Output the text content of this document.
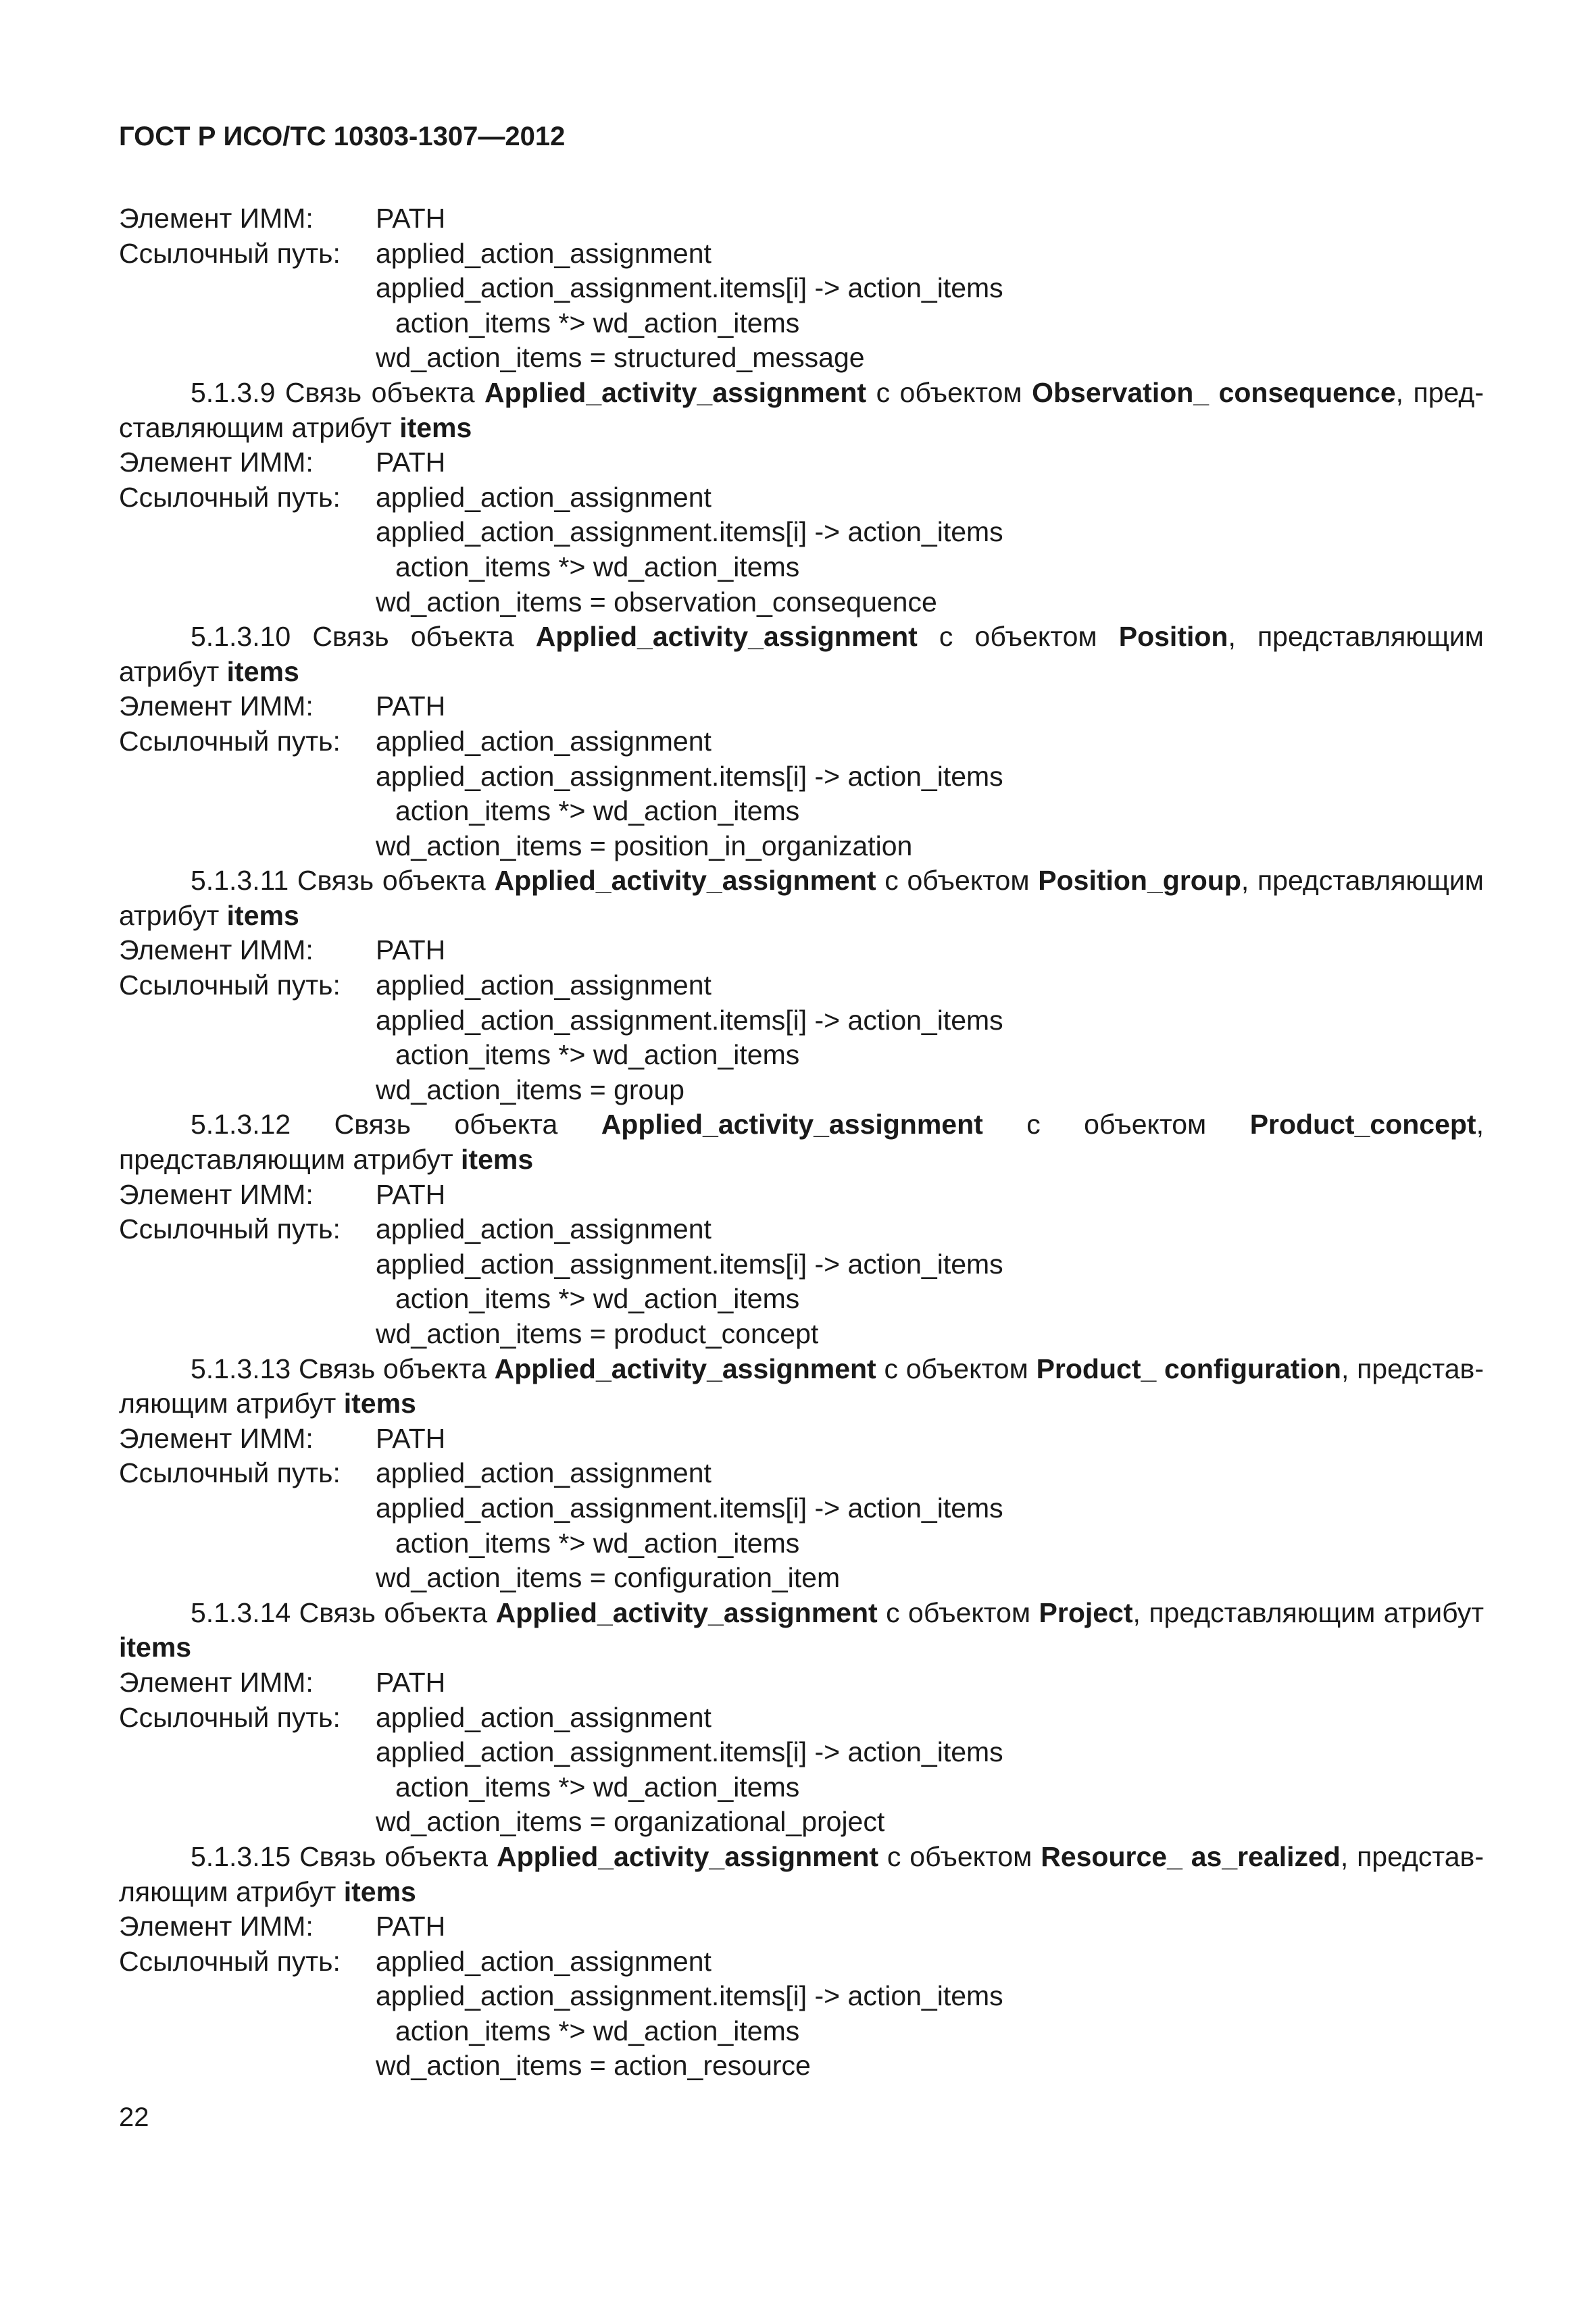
ГОСТ Р ИСО/ТС 10303-1307—2012
Элемент ИММ:	PATH
Ссылочный путь:	applied_action_assignment
applied_action_assignment.items[i] -> action_items
action_items *> wd_action_items
wd_action_items = structured_message
5.1.3.9 Связь объекта Applied_activity_assignment с объектом Observation_ consequence, пред-ставляющим атрибут items
Элемент ИММ:	PATH
Ссылочный путь:	applied_action_assignment
applied_action_assignment.items[i] -> action_items
action_items *> wd_action_items
wd_action_items = observation_consequence
5.1.3.10 Связь объекта Applied_activity_assignment с объектом Position, представляющим атрибут items
Элемент ИММ:	PATH
Ссылочный путь:	applied_action_assignment
applied_action_assignment.items[i] -> action_items
action_items *> wd_action_items
wd_action_items = position_in_organization
5.1.3.11 Связь объекта Applied_activity_assignment с объектом Position_group, представляющим атрибут items
Элемент ИММ:	PATH
Ссылочный путь:	applied_action_assignment
applied_action_assignment.items[i] -> action_items
action_items *> wd_action_items
wd_action_items = group
5.1.3.12 Связь объекта Applied_activity_assignment с объектом Product_concept, представляющим атрибут items
Элемент ИММ:	PATH
Ссылочный путь:	applied_action_assignment
applied_action_assignment.items[i] -> action_items
action_items *> wd_action_items
wd_action_items = product_concept
5.1.3.13 Связь объекта Applied_activity_assignment с объектом Product_ configuration, представ-ляющим атрибут items
Элемент ИММ:	PATH
Ссылочный путь:	applied_action_assignment
applied_action_assignment.items[i] -> action_items
action_items *> wd_action_items
wd_action_items = configuration_item
5.1.3.14 Связь объекта Applied_activity_assignment с объектом Project, представляющим атрибут items
Элемент ИММ:	PATH
Ссылочный путь:	applied_action_assignment
applied_action_assignment.items[i] -> action_items
action_items *> wd_action_items
wd_action_items = organizational_project
5.1.3.15 Связь объекта Applied_activity_assignment с объектом Resource_ as_realized, представ-ляющим атрибут items
Элемент ИММ:	PATH
Ссылочный путь:	applied_action_assignment
applied_action_assignment.items[i] -> action_items
action_items *> wd_action_items
wd_action_items = action_resource
22
